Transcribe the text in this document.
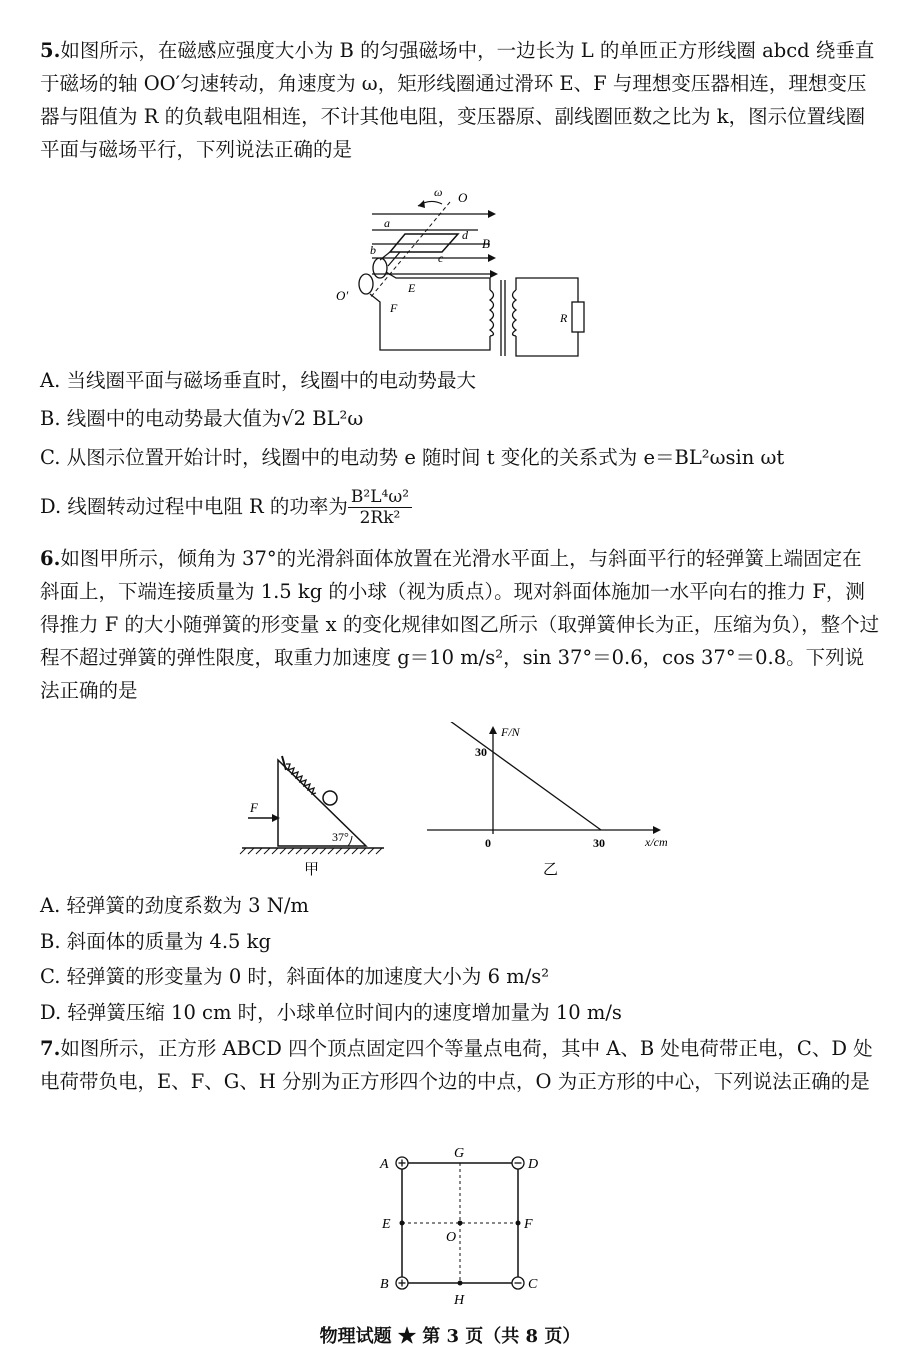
5.如图所示，在磁感应强度大小为 B 的匀强磁场中，一边长为 L 的单匝正方形线圈 abcd 绕垂直于磁场的轴 OO′匀速转动，角速度为 ω，矩形线圈通过滑环 E、F 与理想变压器相连，理想变压器与阻值为 R 的负载电阻相连，不计其他电阻，变压器原、副线圈匝数之比为 k，图示位置线圈平面与磁场平行，下列说法正确的是
ω O
a
d
B
b
c
O′	E
F
R
A. 当线圈平面与磁场垂直时，线圈中的电动势最大
B. 线圈中的电动势最大值为√2 BL²ω
C. 从图示位置开始计时，线圈中的电动势 e 随时间 t 变化的关系式为 e＝BL²ωsin ωt
D. 线圈转动过程中电阻 R 的功率为 $\frac{\text{B²L⁴ω²}}{\text{2Rk²}}$
6.如图甲所示，倾角为 37°的光滑斜面体放置在光滑水平面上，与斜面平行的轻弹簧上端固定在斜面上，下端连接质量为 1.5 kg 的小球（视为质点）。现对斜面体施加一水平向右的推力 F，测得推力 F 的大小随弹簧的形变量 x 的变化规律如图乙所示（取弹簧伸长为正，压缩为负），整个过程不超过弹簧的弹性限度，取重力加速度 g＝10 m/s²，sin 37°＝0.6，cos 37°＝0.8。下列说法正确的是
F
37°
甲
F/N
x/cm
30
0	30
乙
A. 轻弹簧的劲度系数为 3 N/m
B. 斜面体的质量为 4.5 kg
C. 轻弹簧的形变量为 0 时，斜面体的加速度大小为 6 m/s²
D. 轻弹簧压缩 10 cm 时，小球单位时间内的速度增加量为 10 m/s
7.如图所示，正方形 ABCD 四个顶点固定四个等量点电荷，其中 A、B 处电荷带正电，C、D 处电荷带负电，E、F、G、H 分别为正方形四个边的中点，O 为正方形的中心，下列说法正确的是
A	D
B	C
G
H
E	F
O
物理试题 ★ 第 3 页（共 8 页）
